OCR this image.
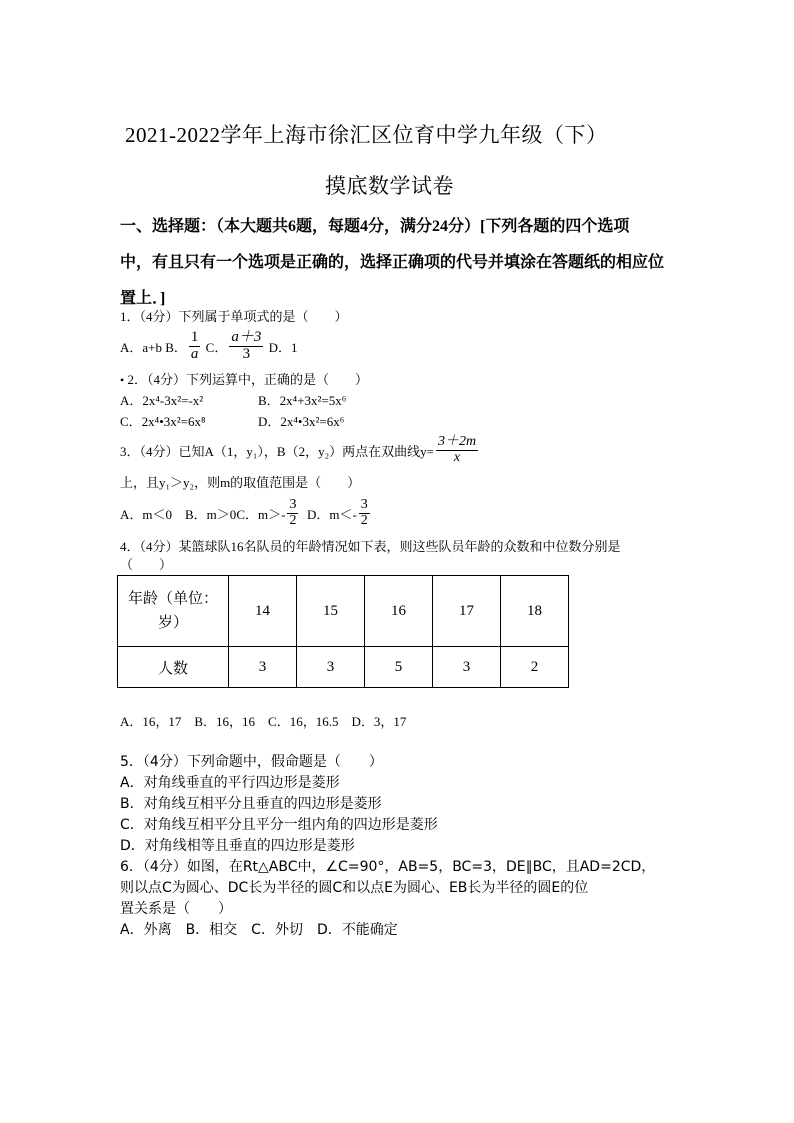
2021-2022学年上海市徐汇区位育中学九年级（下）
摸底数学试卷
一、选择题：（本大题共6题，每题4分，满分24分）[下列各题的四个选项
中，有且只有一个选项是正确的，选择正确项的代号并填涂在答题纸的相应位
置上．]
1．（4分）下列属于单项式的是（　　）
A．a+b
B． $\frac{1}{a}$
C． $\frac{a+3}{3}$
D．1
• 2．（4分）下列运算中，正确的是（　　）
A．2x⁴-3x²=-x²	B．2x⁴+3x²=5x⁶
C．2x⁴•3x²=6x⁸	D．2x⁴•3x²=6x⁶
3．（4分）已知A（1，y₁），B（2，y₂）两点在双曲线$y= \frac{3+2m}{x}$
上，且y₁＞y₂，则m的取值范围是（　　）
A．m＜0
B．m＞0 C．$m>- \frac{3}{2}$
D．$m<- \frac{3}{2}$
4．（4分）某篮球队16名队员的年龄情况如下表，则这些队员年龄的众数和中位数分别是
（　　）
年龄（单位：
岁）	14	15	16	17	18
人数	3	3	5	3	2
A．16，17　B．16，16　C．16，16.5　D．3，17
5．（4分）下列命题中，假命题是（　　）
A．对角线垂直的平行四边形是菱形
B．对角线互相平分且垂直的四边形是菱形
C．对角线互相平分且平分一组内角的四边形是菱形
D．对角线相等且垂直的四边形是菱形
6．（4分）如图，在Rt△ABC中，∠C=90°，AB=5，BC=3，DE∥BC，且AD=2CD，
则以点C为圆心、DC长为半径的圆C和以点E为圆心、EB长为半径的圆E的位
置关系是（　　）
A．外离　B．相交　C．外切　D．不能确定
